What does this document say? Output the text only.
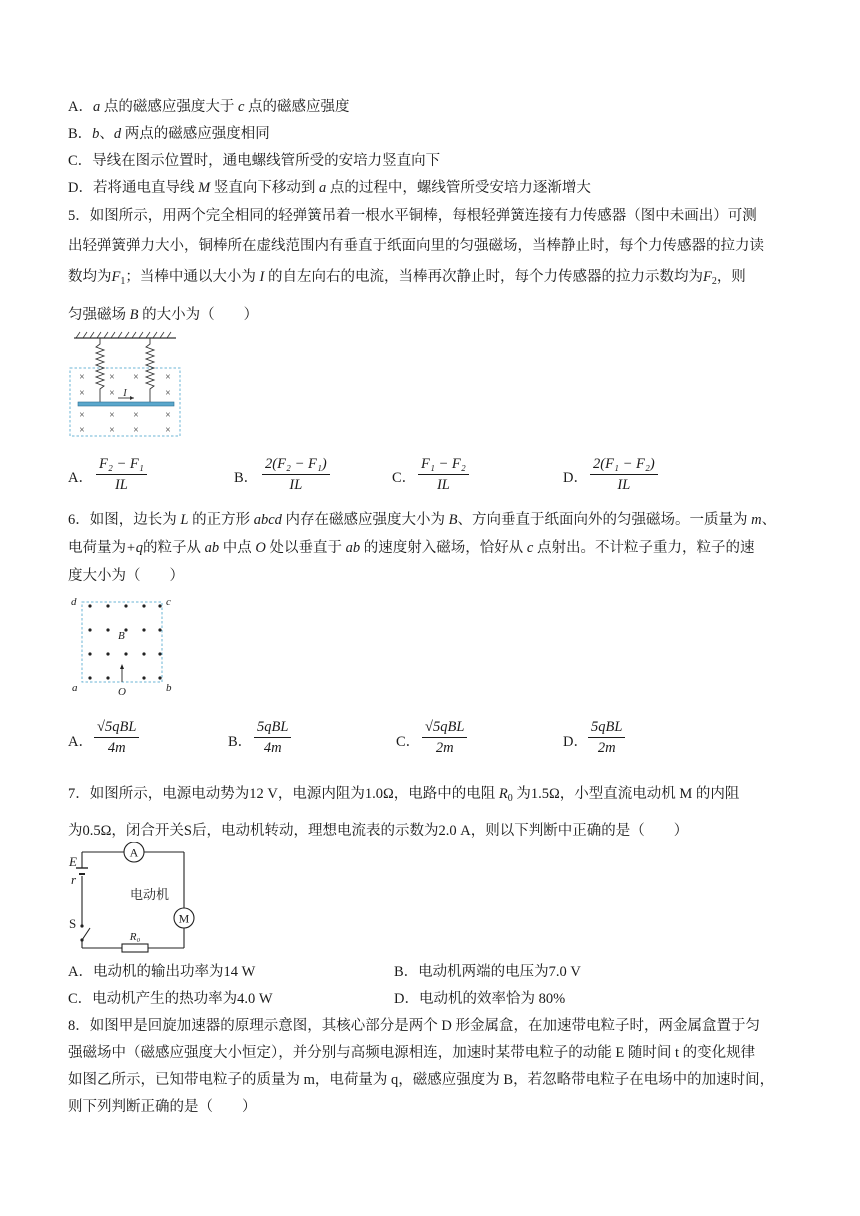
A．a 点的磁感应强度大于 c 点的磁感应强度
B．b、d 两点的磁感应强度相同
C．导线在图示位置时，通电螺线管所受的安培力竖直向下
D．若将通电直导线 M 竖直向下移动到 a 点的过程中，螺线管所受安培力逐渐增大
5．如图所示，用两个完全相同的轻弹簧吊着一根水平铜棒，每根轻弹簧连接有力传感器（图中未画出）可测
出轻弹簧弹力大小，铜棒所在虚线范围内有垂直于纸面向里的匀强磁场，当棒静止时，每个力传感器的拉力读
数均为$F_1$；当棒中通以大小为 I 的自左向右的电流，当棒再次静止时，每个力传感器的拉力示数均为$F_2$，则
匀强磁场 B 的大小为（　　）
× × ×	×
× ×	×
× × ×	×
× × ×	×
I
A．
F₂ − F₁
IL	B．
2(F₂ − F₁)
IL	C．
F₁ − F₂
IL	D．
2(F₁ − F₂)
IL
6．如图，边长为 L 的正方形 abcd 内存在磁感应强度大小为 B、方向垂直于纸面向外的匀强磁场。一质量为 m、
电荷量为+q的粒子从 ab 中点 O 处以垂直于 ab 的速度射入磁场，恰好从 c 点射出。不计粒子重力，粒子的速
度大小为（　　）
d	c
a	b
B
O
A．
√5qBL
4m	B．
5qBL
4m	C．
√5qBL
2m	D．
5qBL
2m
7．如图所示，电源电动势为12 V，电源内阻为1.0Ω，电路中的电阻 $R_0$ 为1.5Ω，小型直流电动机 M 的内阻
为0.5Ω，闭合开关S后，电动机转动，理想电流表的示数为2.0 A，则以下判断中正确的是（　　）
A
M
R₀
E
r
S
电动机
A．电动机的输出功率为14 W	B．电动机两端的电压为7.0 V
C．电动机产生的热功率为4.0 W	D．电动机的效率恰为 80%
8．如图甲是回旋加速器的原理示意图，其核心部分是两个 D 形金属盒，在加速带电粒子时，两金属盒置于匀
强磁场中（磁感应强度大小恒定），并分别与高频电源相连，加速时某带电粒子的动能 E 随时间 t 的变化规律
如图乙所示，已知带电粒子的质量为 m，电荷量为 q，磁感应强度为 B，若忽略带电粒子在电场中的加速时间，
则下列判断正确的是（　　）
